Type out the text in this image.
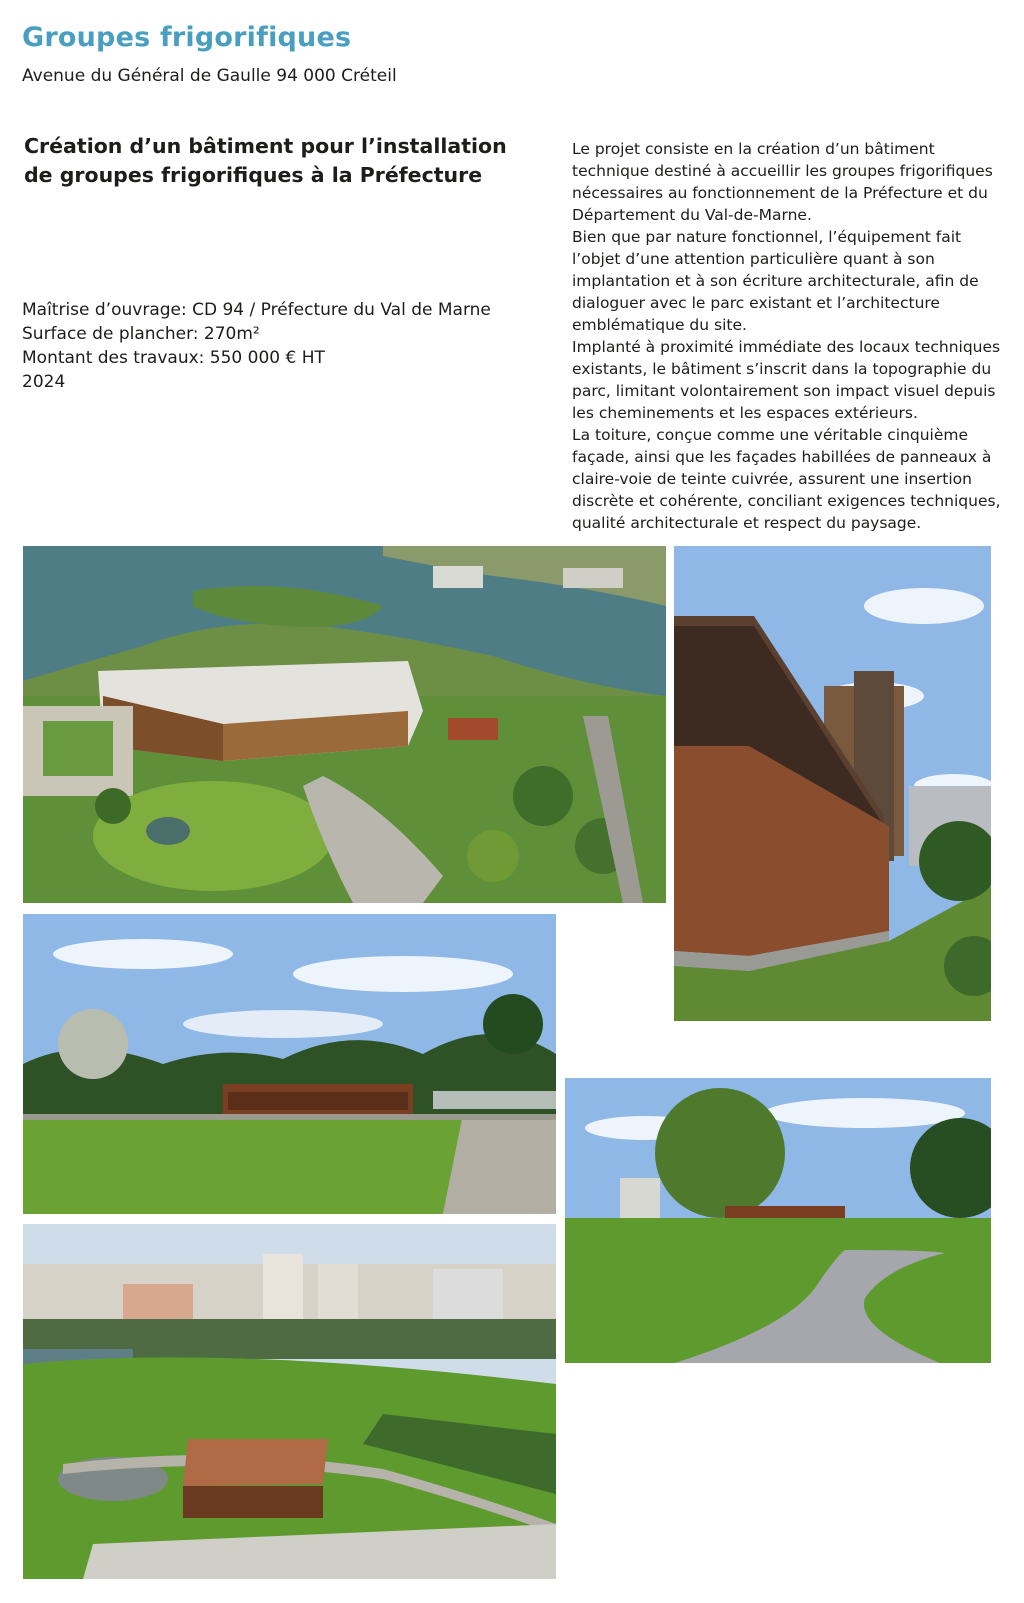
Groupes frigorifiques
Avenue du Général de Gaulle 94 000 Créteil
Création d’un bâtiment pour l’installation
de groupes frigorifiques à la Préfecture
Maîtrise d’ouvrage: CD 94 / Préfecture du Val de Marne
Surface de plancher: 270m²
Montant des travaux: 550 000 € HT
2024

Le projet consiste en la création d’un bâtiment technique destiné à accueillir les groupes frigorifiques nécessaires au fonctionnement de la Préfecture et du Département du Val-de-Marne.

Bien que par nature fonctionnel, l’équipement fait l’objet d’une attention particulière quant à son implantation et à son écriture architecturale, afin de dialoguer avec le parc existant et l’architecture emblématique du site.

Implanté à proximité immédiate des locaux techniques existants, le bâtiment s’inscrit dans la topographie du parc, limitant volontairement son impact visuel depuis les cheminements et les espaces extérieurs.

La toiture, conçue comme une véritable cinquième façade, ainsi que les façades habillées de panneaux à claire-voie de teinte cuivrée, assurent une insertion discrète et cohérente, conciliant exigences techniques, qualité architecturale et respect du paysage.
